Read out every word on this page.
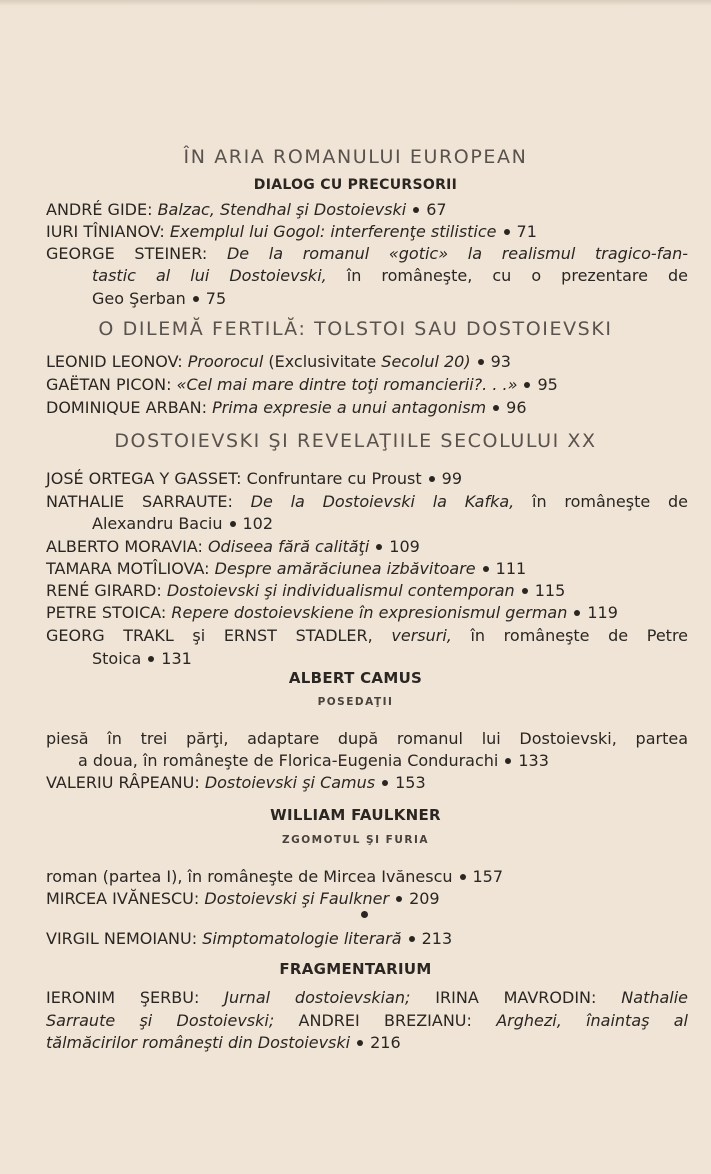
ÎN ARIA ROMANULUI EUROPEAN
DIALOG CU PRECURSORII
ANDRÉ GIDE: Balzac, Stendhal şi Dostoievski 67
IURI TÎNIANOV: Exemplul lui Gogol: interferenţe stilistice 71
GEORGE STEINER: De la romanul «gotic» la realismul tragico-fan-
tastic al lui Dostoievski, în româneşte, cu o prezentare de
Geo Şerban 75
O DILEMĂ FERTILĂ: TOLSTOI SAU DOSTOIEVSKI
LEONID LEONOV: Proorocul (Exclusivitate Secolul 20) 93
GAËTAN PICON: «Cel mai mare dintre toţi romancierii?. . .» 95
DOMINIQUE ARBAN: Prima expresie a unui antagonism 96
DOSTOIEVSKI ŞI REVELAŢIILE SECOLULUI XX
JOSÉ ORTEGA Y GASSET: Confruntare cu Proust 99
NATHALIE SARRAUTE: De la Dostoievski la Kafka, în româneşte de
Alexandru Baciu 102
ALBERTO MORAVIA: Odiseea fără calităţi 109
TAMARA MOTÎLIOVA: Despre amărăciunea izbăvitoare 111
RENÉ GIRARD: Dostoievski şi individualismul contemporan 115
PETRE STOICA: Repere dostoievskiene în expresionismul german 119
GEORG TRAKL şi ERNST STADLER, versuri, în româneşte de Petre
Stoica 131
ALBERT CAMUS
POSEDAŢII
piesă în trei părţi, adaptare după romanul lui Dostoievski, partea
a doua, în româneşte de Florica-Eugenia Condurachi 133
VALERIU RÂPEANU: Dostoievski şi Camus 153
WILLIAM FAULKNER
ZGOMOTUL ŞI FURIA
roman (partea I), în româneşte de Mircea Ivănescu 157
MIRCEA IVĂNESCU: Dostoievski şi Faulkner 209
VIRGIL NEMOIANU: Simptomatologie literară 213
FRAGMENTARIUM
IERONIM ŞERBU: Jurnal dostoievskian; IRINA MAVRODIN: Nathalie
Sarraute şi Dostoievski; ANDREI BREZIANU: Arghezi, înaintaş al
tălmăcirilor româneşti din Dostoievski 216
